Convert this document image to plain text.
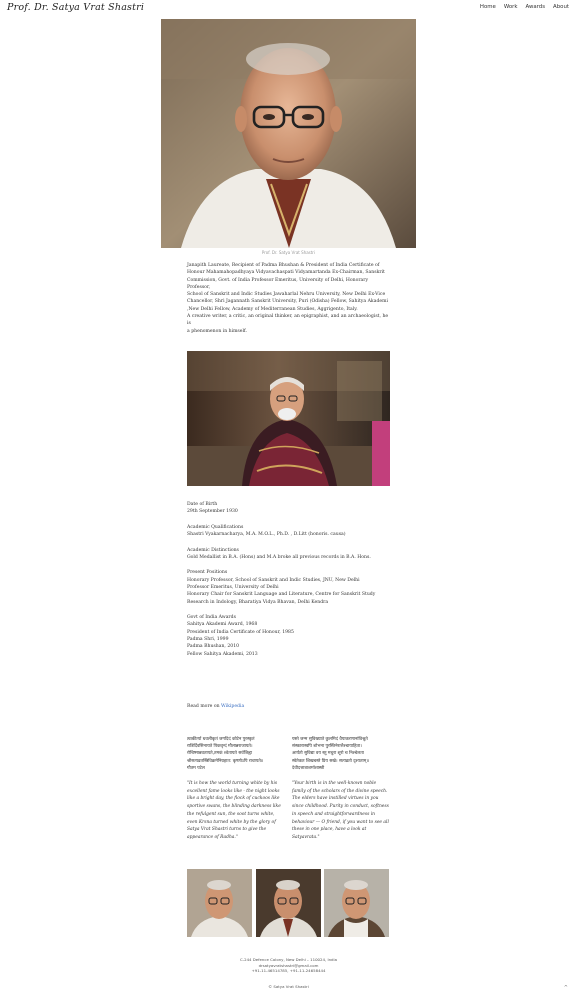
Prof. Dr. Satya Vrat Shastri	Home Work Awards About
Prof. Dr. Satya Vrat Shastri

Janapith Laureate, Recipient of Padma Bhushan & President of India Certificate of

Honour Mahamahopadhyaya Vidyavachaspati Vidyamartanda Ex-Chairman, Sanskrit

Commission, Govt. of India Professor Emeritus, University of Delhi, Honorary Professor,

School of Sanskrit and Indic Studies Jawaharlal Nehru University, New Delhi Ex-Vice

Chancellor, Shri Jagannath Sanskrit University, Puri (Odisha) Fellow, Sahitya Akademi

,New Delhi Fellow, Academy of Mediterranean Studies, Aggrigento, Italy.

A creative writer, a critic, an original thinker, an epigraphist, and an archaeologist, he is

a phenomenon in himself.

Date of Birth
29th September 1930
Academic Qualifications
Shastri Vyakarnacharya, M.A. M.O.L., Ph.D. , D.Litt (honoris. causa)
Academic Distinctions
Gold Medallist in B.A. (Hons) and M.A broke all previous records in B.A. Hons.
Present Positions
Honorary Professor, School of Sanskrit and Indic Studies, JNU, New Delhi
Professor Emeritus, University of Delhi
Honorary Chair for Sanskrit Language and Literature, Centre for Sanskrit Study
Research in Indology, Bharatiya Vidya Bhavan, Delhi Kendra
Govt of India Awards
Sahitya Akademi Award, 1968
President of India Certificate of Honour, 1985
Padma Shri, 1999
Padma Bhushan, 2010
Fellow Sahitya Akademi, 2013
Read more on Wikipedia
त्वत्कीर्त्या धवलीकृतं जगदिदं कोटेन पुरस्कृतं
रात्रिर्दिवसिनायते पिकवृन्दं मौलान्नराजायते।
रोचिष्मान्नवतायते,तमकं श्वेतायते सर्वजिह्वा
श्रीसत्यव्रतस्त्रिविक्रमेनिग्रहात: कृष्णोऽपि राधायते॥
गौतम पटेल
"It is how the world turning white by his excellent fame looks like - the night looks like a bright day, the flock of cuckoos like sportive swans, the blinding darkness like the refulgent sun, the soot turns white, even Krsna turned white by the glory of Satya Vrat Shastri turns to give the appearance of Radha."
यस्ते जन्म सुविख्याते कुलमिदं वैयाकरणानांविश्रुते
संस्कारास्वपि शोभना पुरस्तिनेरात्तैश्चायाहिता।
आर्यतो सुविद्या वय स्तु मधुरा शूरो च निश्चेलता
स्वेतेकत शिखबस्ते प्रिय सखे। सत्यव्रतो दृश्यताम्॥
देवीदत्तात्राशर्माशास्त्री
"Your birth is in the well-known noble family of the scholars of the divine speech. The elders have instilled virtues in you since childhood. Purity in conduct, softness in speech and straightforwardness in behaviour — O friend, if you want to see all these in one place, have a look at Satyavrata."
C-244 Defence Colony, New Delhi – 110024, India
drsatyavratshastri@gmail.com
+91-11-46514785, +91-11-24658444
© Satya Vrat Shastri	^
